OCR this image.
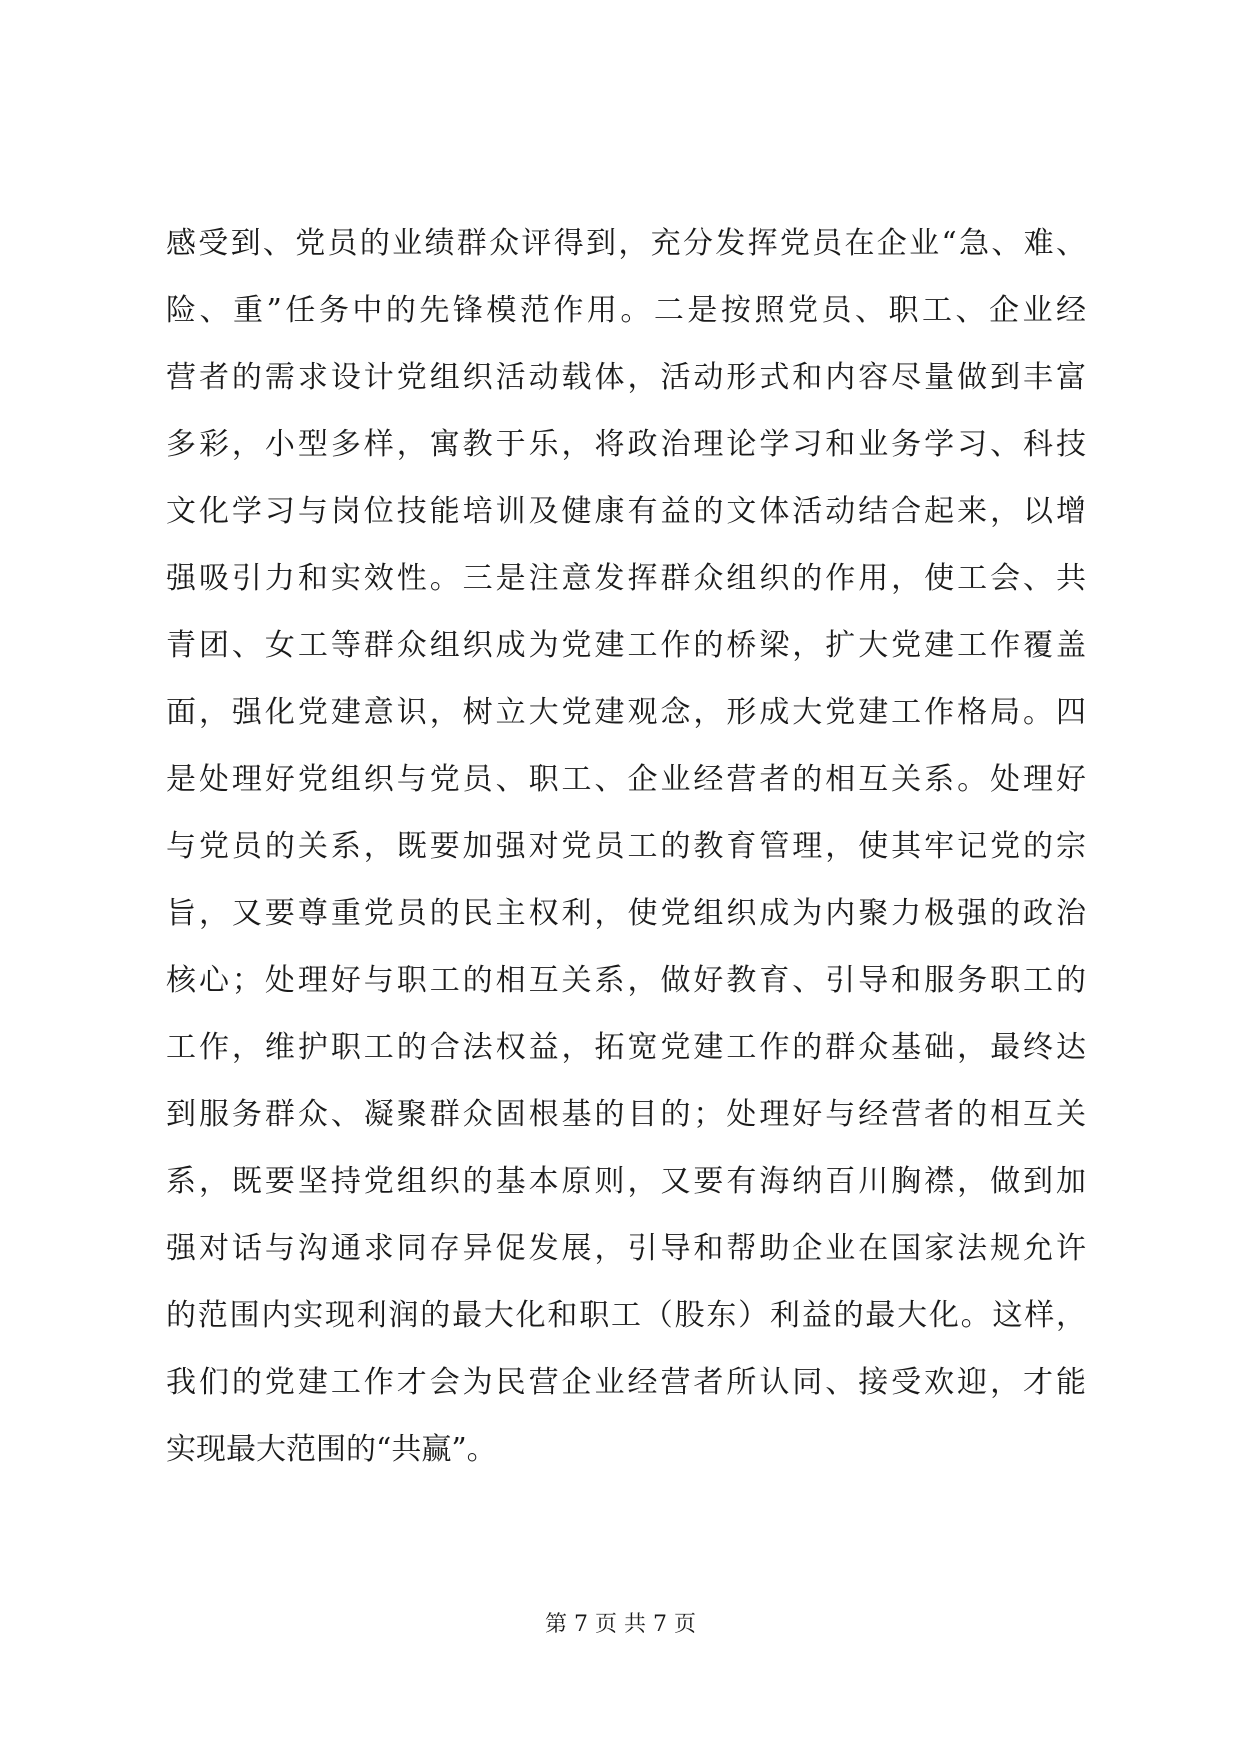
感受到、党员的业绩群众评得到，充分发挥党员在企业“急、难、
险、重”任务中的先锋模范作用。二是按照党员、职工、企业经
营者的需求设计党组织活动载体，活动形式和内容尽量做到丰富
多彩，小型多样，寓教于乐，将政治理论学习和业务学习、科技
文化学习与岗位技能培训及健康有益的文体活动结合起来，以增
强吸引力和实效性。三是注意发挥群众组织的作用，使工会、共
青团、女工等群众组织成为党建工作的桥梁，扩大党建工作覆盖
面，强化党建意识，树立大党建观念，形成大党建工作格局。四
是处理好党组织与党员、职工、企业经营者的相互关系。处理好
与党员的关系，既要加强对党员工的教育管理，使其牢记党的宗
旨，又要尊重党员的民主权利，使党组织成为内聚力极强的政治
核心；处理好与职工的相互关系，做好教育、引导和服务职工的
工作，维护职工的合法权益，拓宽党建工作的群众基础，最终达
到服务群众、凝聚群众固根基的目的；处理好与经营者的相互关
系，既要坚持党组织的基本原则，又要有海纳百川胸襟，做到加
强对话与沟通求同存异促发展，引导和帮助企业在国家法规允许
的范围内实现利润的最大化和职工（股东）利益的最大化。这样，
我们的党建工作才会为民营企业经营者所认同、接受欢迎，才能
实现最大范围的“共赢”。
第 7 页 共 7 页
